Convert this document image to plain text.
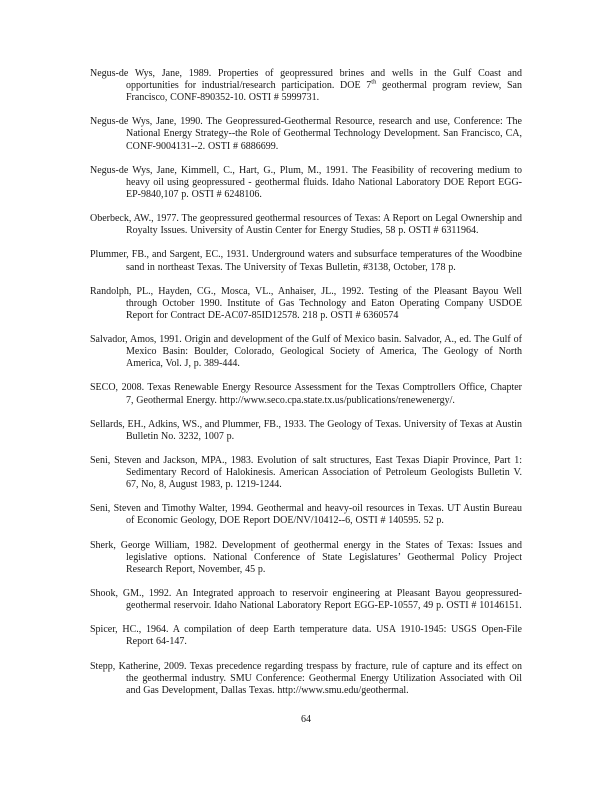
Negus-de Wys, Jane, 1989. Properties of geopressured brines and wells in the Gulf Coast and opportunities for industrial/research participation. DOE 7th geothermal program review, San Francisco, CONF-890352-10. OSTI # 5999731.
Negus-de Wys, Jane, 1990. The Geopressured-Geothermal Resource, research and use, Conference: The National Energy Strategy--the Role of Geothermal Technology Development. San Francisco, CA, CONF-9004131--2. OSTI # 6886699.
Negus-de Wys, Jane, Kimmell, C., Hart, G., Plum, M., 1991. The Feasibility of recovering medium to heavy oil using geopressured - geothermal fluids. Idaho National Laboratory DOE Report EGG-EP-9840,107 p. OSTI # 6248106.
Oberbeck, AW., 1977. The geopressured geothermal resources of Texas: A Report on Legal Ownership and Royalty Issues. University of Austin Center for Energy Studies, 58 p. OSTI # 6311964.
Plummer, FB., and Sargent, EC., 1931. Underground waters and subsurface temperatures of the Woodbine sand in northeast Texas. The University of Texas Bulletin, #3138, October, 178 p.
Randolph, PL., Hayden, CG., Mosca, VL., Anhaiser, JL., 1992. Testing of the Pleasant Bayou Well through October 1990. Institute of Gas Technology and Eaton Operating Company USDOE Report for Contract DE-AC07-85ID12578. 218 p. OSTI # 6360574
Salvador, Amos, 1991. Origin and development of the Gulf of Mexico basin. Salvador, A., ed. The Gulf of Mexico Basin: Boulder, Colorado, Geological Society of America, The Geology of North America, Vol. J, p. 389-444.
SECO, 2008. Texas Renewable Energy Resource Assessment for the Texas Comptrollers Office, Chapter 7, Geothermal Energy. http://www.seco.cpa.state.tx.us/publications/renewenergy/.
Sellards, EH., Adkins, WS., and Plummer, FB., 1933. The Geology of Texas. University of Texas at Austin Bulletin No. 3232, 1007 p.
Seni, Steven and Jackson, MPA., 1983. Evolution of salt structures, East Texas Diapir Province, Part 1: Sedimentary Record of Halokinesis. American Association of Petroleum Geologists Bulletin V. 67, No, 8, August 1983, p. 1219-1244.
Seni, Steven and Timothy Walter, 1994. Geothermal and heavy-oil resources in Texas. UT Austin Bureau of Economic Geology, DOE Report DOE/NV/10412--6, OSTI # 140595. 52 p.
Sherk, George William, 1982. Development of geothermal energy in the States of Texas: Issues and legislative options. National Conference of State Legislatures’ Geothermal Policy Project Research Report, November, 45 p.
Shook, GM., 1992. An Integrated approach to reservoir engineering at Pleasant Bayou geopressured-geothermal reservoir. Idaho National Laboratory Report EGG-EP-10557, 49 p. OSTI # 10146151.
Spicer, HC., 1964. A compilation of deep Earth temperature data. USA 1910-1945: USGS Open-File Report 64-147.
Stepp, Katherine, 2009. Texas precedence regarding trespass by fracture, rule of capture and its effect on the geothermal industry. SMU Conference: Geothermal Energy Utilization Associated with Oil and Gas Development, Dallas Texas. http://www.smu.edu/geothermal.
64
